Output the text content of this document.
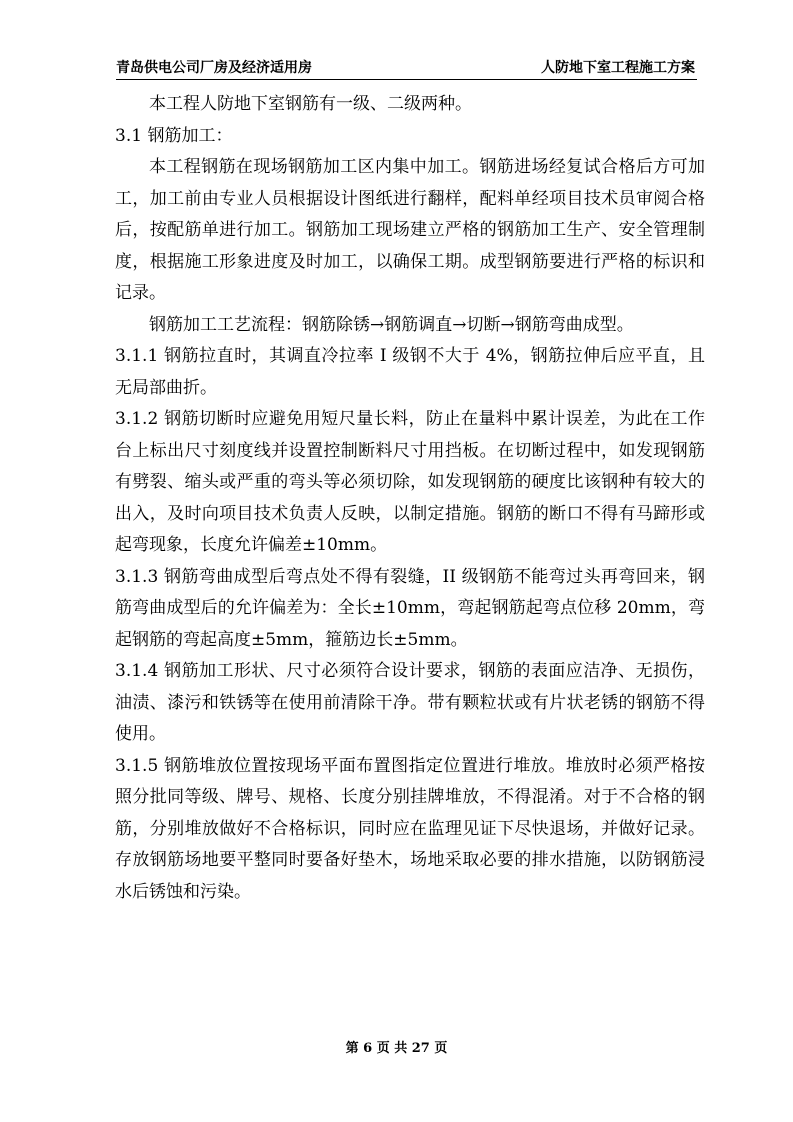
青岛供电公司厂房及经济适用房	人防地下室工程施工方案

本工程人防地下室钢筋有一级、二级两种。

3.1 钢筋加工：

本工程钢筋在现场钢筋加工区内集中加工。钢筋进场经复试合格后方可加工，加工前由专业人员根据设计图纸进行翻样，配料单经项目技术员审阅合格后，按配筋单进行加工。钢筋加工现场建立严格的钢筋加工生产、安全管理制度，根据施工形象进度及时加工，以确保工期。成型钢筋要进行严格的标识和记录。

钢筋加工工艺流程：钢筋除锈→钢筋调直→切断→钢筋弯曲成型。

3.1.1 钢筋拉直时，其调直冷拉率 I 级钢不大于 4%，钢筋拉伸后应平直，且无局部曲折。

3.1.2 钢筋切断时应避免用短尺量长料，防止在量料中累计误差，为此在工作台上标出尺寸刻度线并设置控制断料尺寸用挡板。在切断过程中，如发现钢筋有劈裂、缩头或严重的弯头等必须切除，如发现钢筋的硬度比该钢种有较大的出入，及时向项目技术负责人反映，以制定措施。钢筋的断口不得有马蹄形或起弯现象，长度允许偏差±10mm。

3.1.3 钢筋弯曲成型后弯点处不得有裂缝，II 级钢筋不能弯过头再弯回来，钢筋弯曲成型后的允许偏差为：全长±10mm，弯起钢筋起弯点位移 20mm，弯起钢筋的弯起高度±5mm，箍筋边长±5mm。

3.1.4 钢筋加工形状、尺寸必须符合设计要求，钢筋的表面应洁净、无损伤，油渍、漆污和铁锈等在使用前清除干净。带有颗粒状或有片状老锈的钢筋不得使用。

3.1.5 钢筋堆放位置按现场平面布置图指定位置进行堆放。堆放时必须严格按照分批同等级、牌号、规格、长度分别挂牌堆放，不得混淆。对于不合格的钢筋，分别堆放做好不合格标识，同时应在监理见证下尽快退场，并做好记录。存放钢筋场地要平整同时要备好垫木，场地采取必要的排水措施，以防钢筋浸水后锈蚀和污染。

第 6 页 共 27 页
